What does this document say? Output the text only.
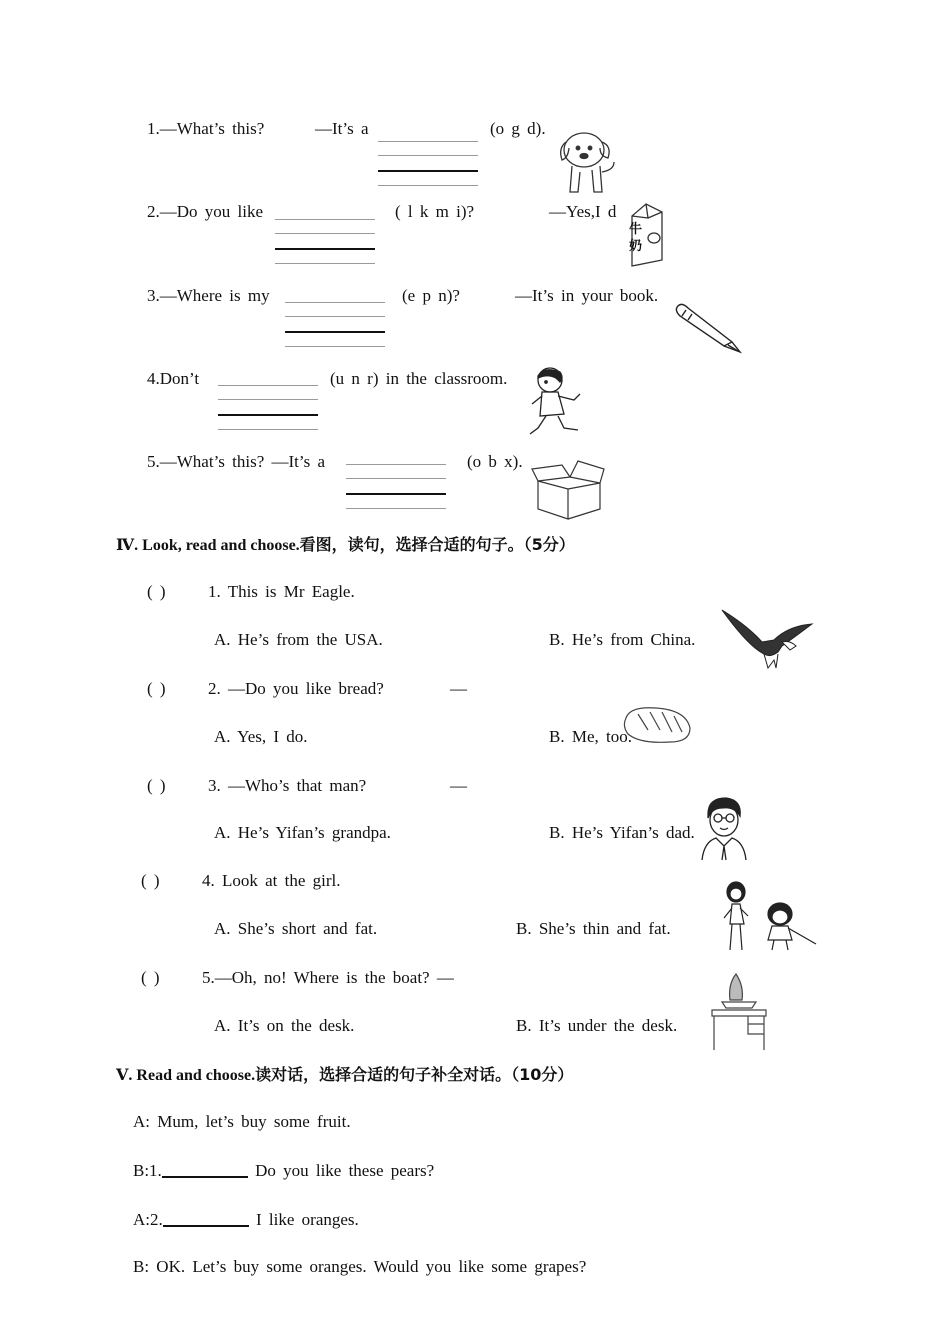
1.—What’s this?	—It’s a	(o g d).
2.—Do you like	( l k m i)?	—Yes,I d
牛
奶
3.—Where is my	(e p n)?	—It’s in your book.
4.Don’t	(u n r) in the classroom.
5.—What’s this? —It’s a	(o b x).
Ⅳ. Look, read and choose.看图，读句，选择合适的句子。（5分）
( ) 1. This is Mr Eagle.
A. He’s from the USA.	B. He’s from China.
( ) 2. —Do you like bread?	—
A. Yes, I do.	B. Me, too.
( ) 3. —Who’s that man?	—
A. He’s Yifan’s grandpa.	B. He’s Yifan’s dad.
( ) 4. Look at the girl.
A. She’s short and fat.	B. She’s thin and fat.
( ) 5.—Oh, no! Where is the boat? —
A. It’s on the desk.	B. It’s under the desk.
Ⅴ. Read and choose.读对话，选择合适的句子补全对话。（10分）
A: Mum, let’s buy some fruit.
B:1.	Do you like these pears?
A:2.	I like oranges.
B: OK. Let’s buy some oranges. Would you like some grapes?
